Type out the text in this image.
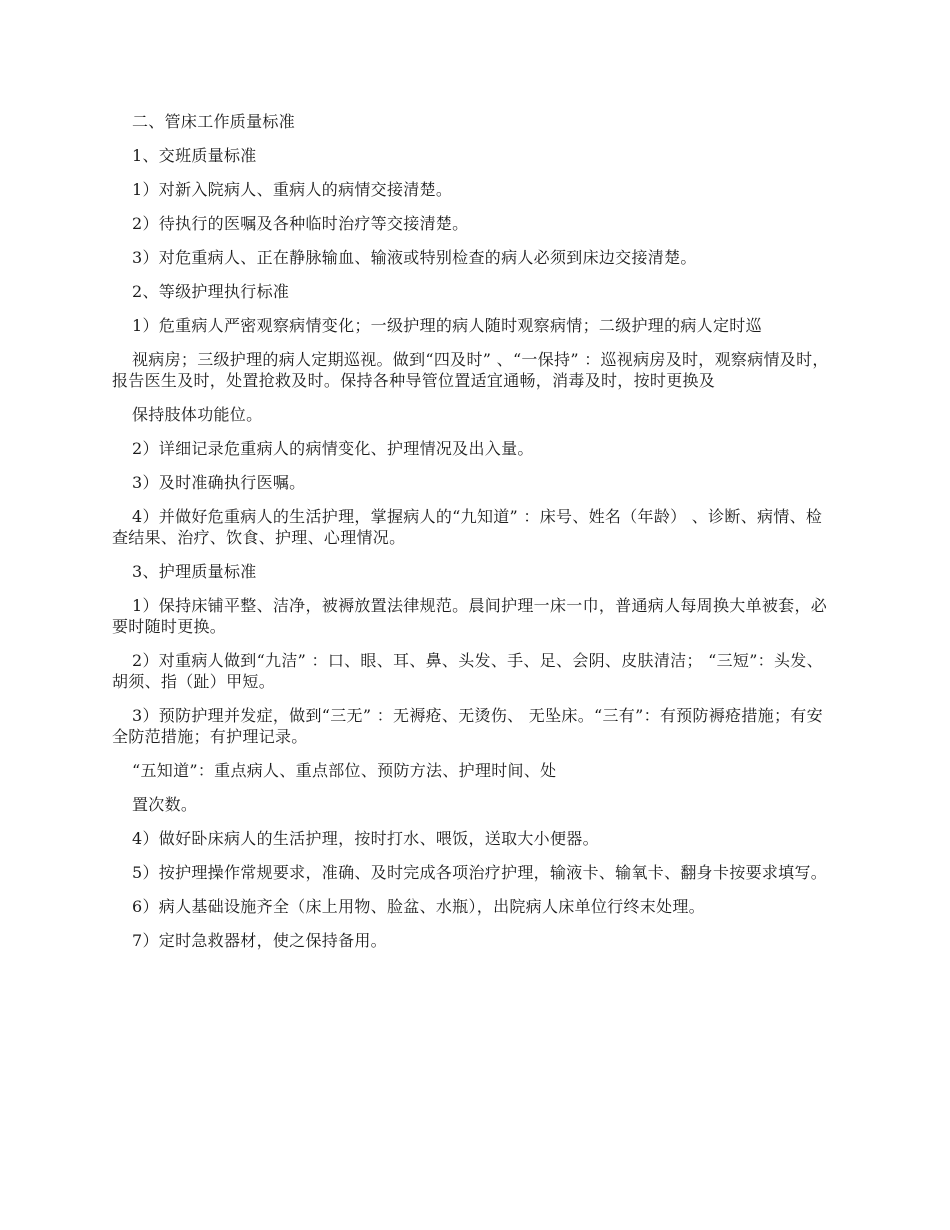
二、管床工作质量标准

1、交班质量标准

1）对新入院病人、重病人的病情交接清楚。

2）待执行的医嘱及各种临时治疗等交接清楚。

3）对危重病人、正在静脉输血、输液或特别检查的病人必须到床边交接清楚。

2、等级护理执行标准

1）危重病人严密观察病情变化；一级护理的病人随时观察病情；二级护理的病人定时巡

视病房；三级护理的病人定期巡视。做到“四及时” 、“一保持” ：巡视病房及时，观察病情及时，报告医生及时，处置抢救及时。保持各种导管位置适宜通畅，消毒及时，按时更换及

保持肢体功能位。

2）详细记录危重病人的病情变化、护理情况及出入量。

3）及时准确执行医嘱。

4）并做好危重病人的生活护理，掌握病人的“九知道” ：床号、姓名（年龄） 、诊断、病情、检查结果、治疗、饮食、护理、心理情况。

3、护理质量标准

1）保持床铺平整、洁净，被褥放置法律规范。晨间护理一床一巾，普通病人每周换大单被套，必要时随时更换。

2）对重病人做到“九洁” ：口、眼、耳、鼻、头发、手、足、会阴、皮肤清洁； “三短”：头发、胡须、指（趾）甲短。

3）预防护理并发症，做到“三无” ：无褥疮、无烫伤、 无坠床。“三有”：有预防褥疮措施；有安全防范措施；有护理记录。

“五知道”：重点病人、重点部位、预防方法、护理时间、处

置次数。

4）做好卧床病人的生活护理，按时打水、喂饭，送取大小便器。

5）按护理操作常规要求，准确、及时完成各项治疗护理，输液卡、输氧卡、翻身卡按要求填写。

6）病人基础设施齐全（床上用物、脸盆、水瓶），出院病人床单位行终末处理。

7）定时急救器材，使之保持备用。
